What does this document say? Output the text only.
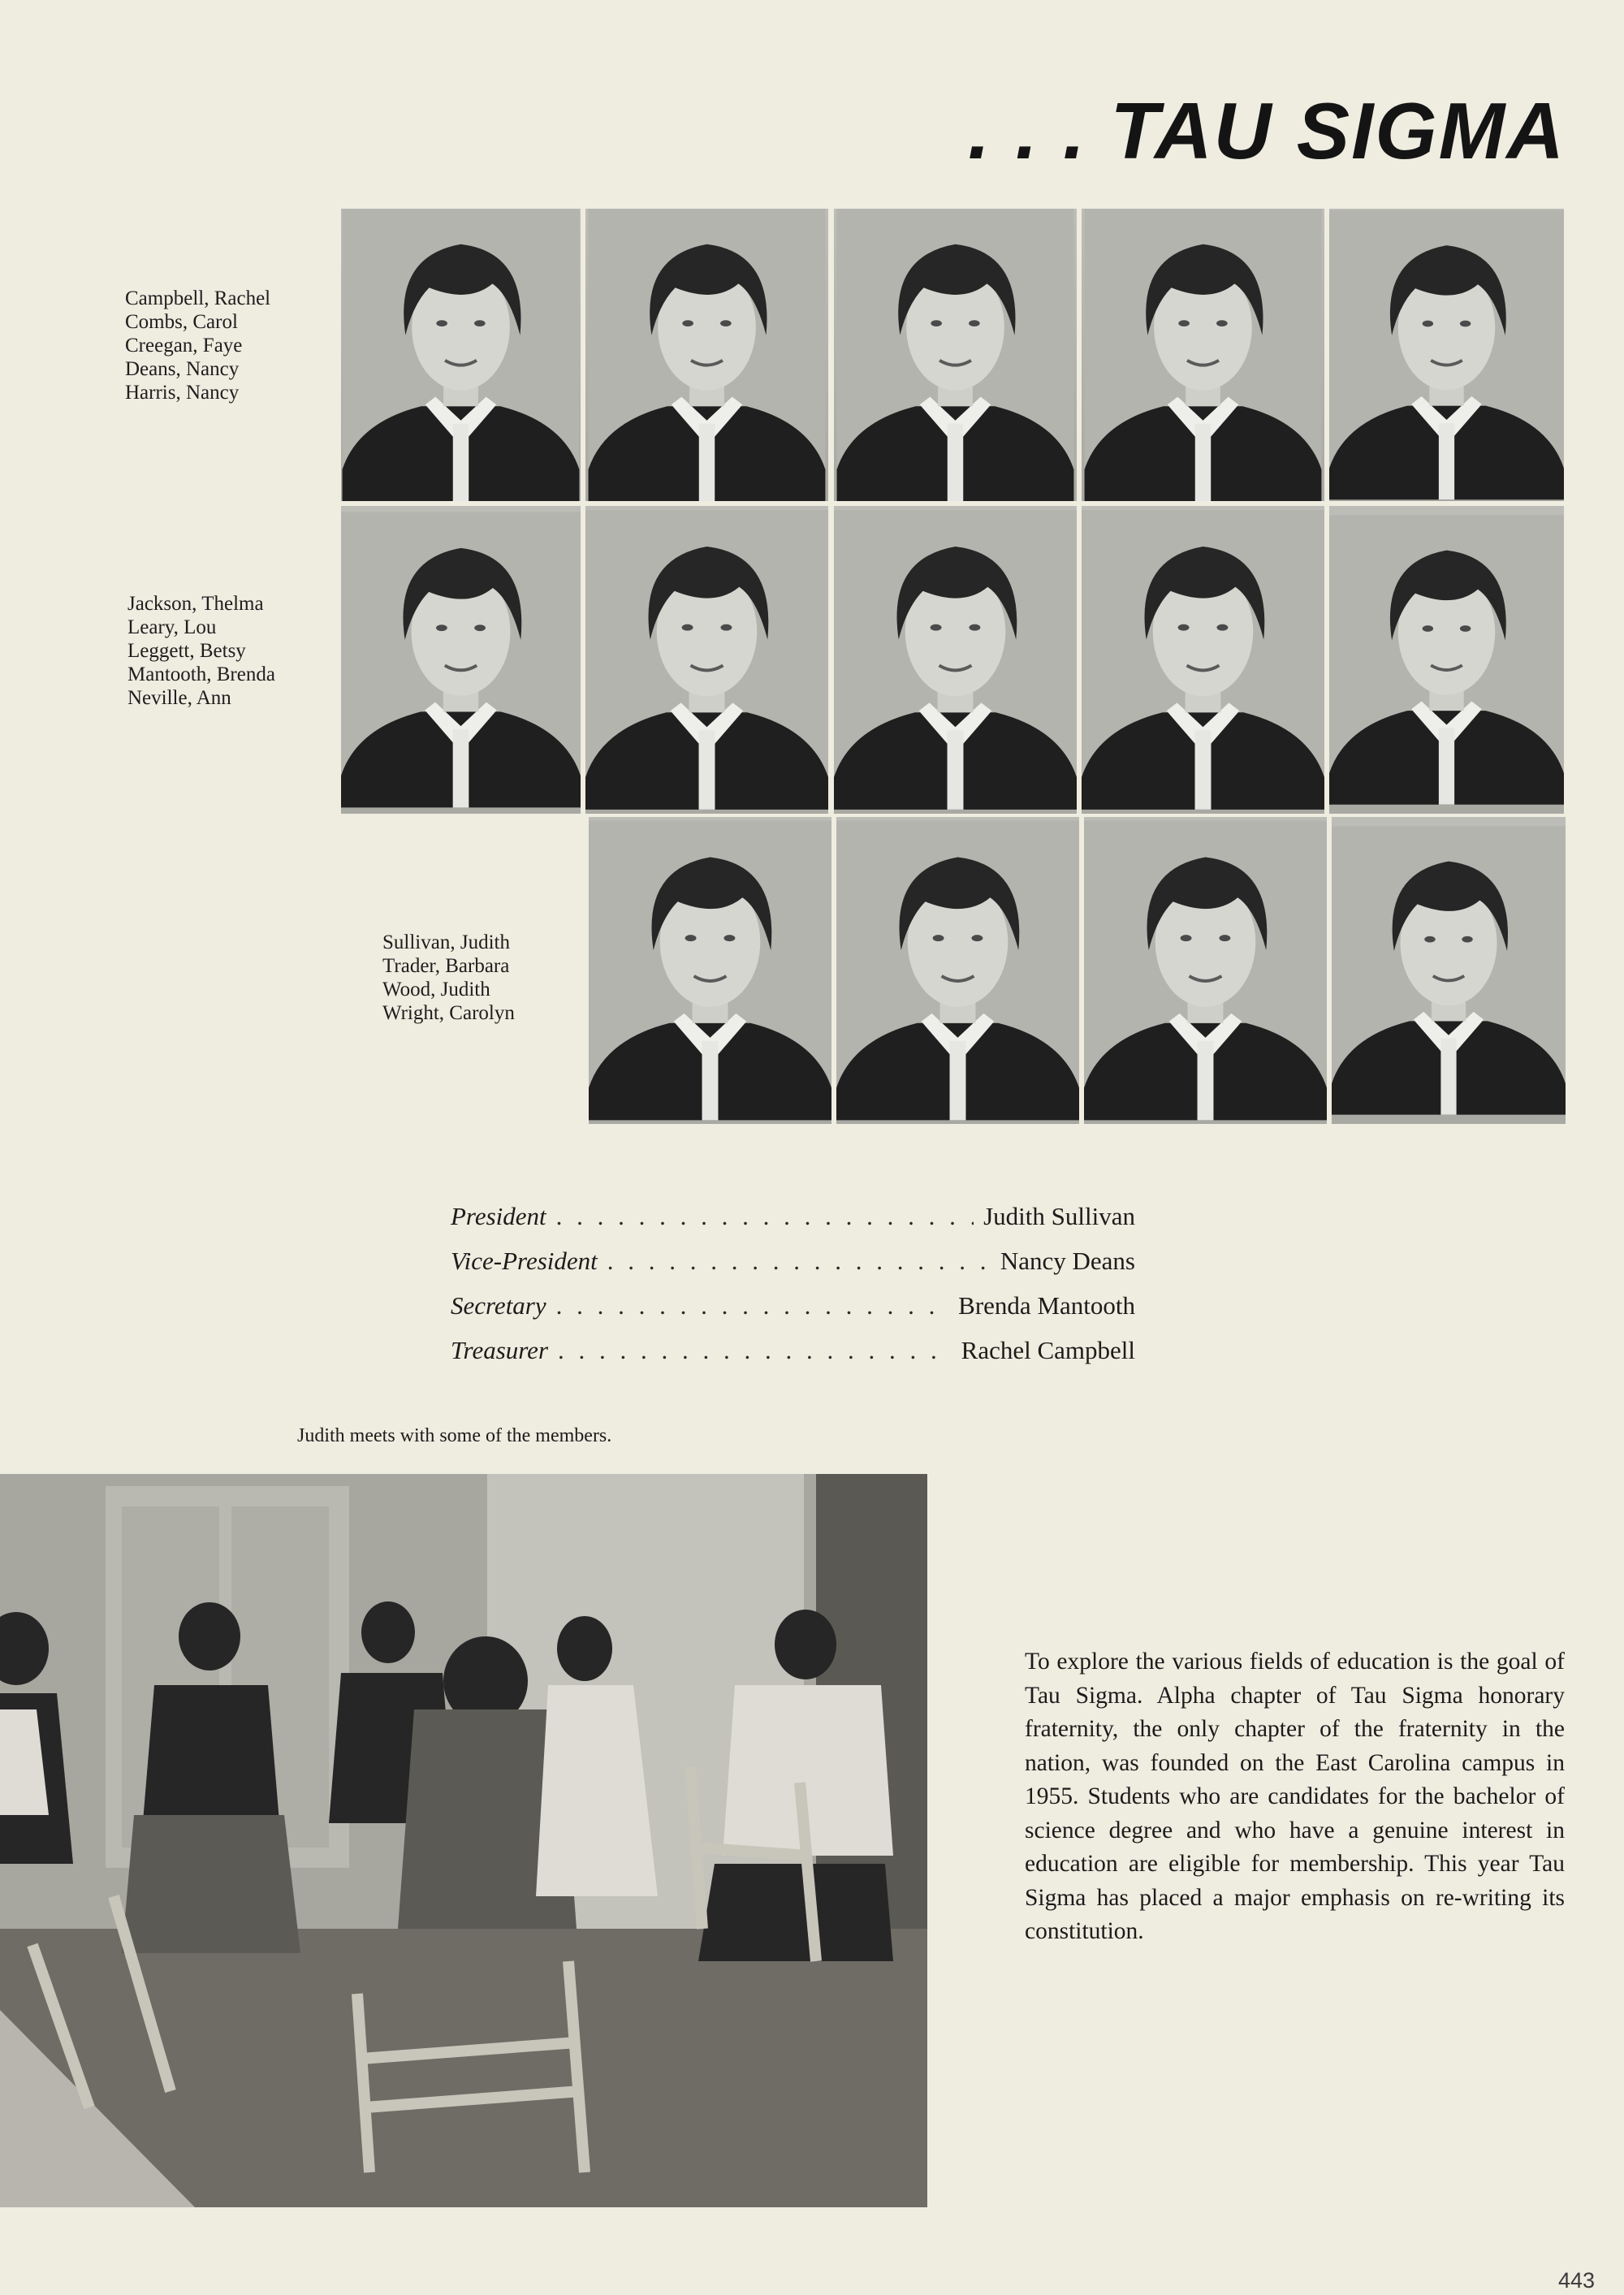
. . . TAU SIGMA
Campbell, Rachel
Combs, Carol
Creegan, Faye
Deans, Nancy
Harris, Nancy
Jackson, Thelma
Leary, Lou
Leggett, Betsy
Mantooth, Brenda
Neville, Ann
Sullivan, Judith
Trader, Barbara
Wood, Judith
Wright, Carolyn
President . . .	Judith Sullivan
Vice-President . . .	Nancy Deans
Secretary . . .	Brenda Mantooth
Treasurer . . .	Rachel Campbell
Judith meets with some of the members.
To explore the various fields of education is the goal of Tau Sigma. Alpha chapter of Tau Sigma honorary fraternity, the only chapter of the fraternity in the nation, was founded on the East Carolina campus in 1955. Students who are candidates for the bachelor of science degree and who have a genuine interest in education are eligible for membership. This year Tau Sigma has placed a major emphasis on re-writing its constitution.
443
